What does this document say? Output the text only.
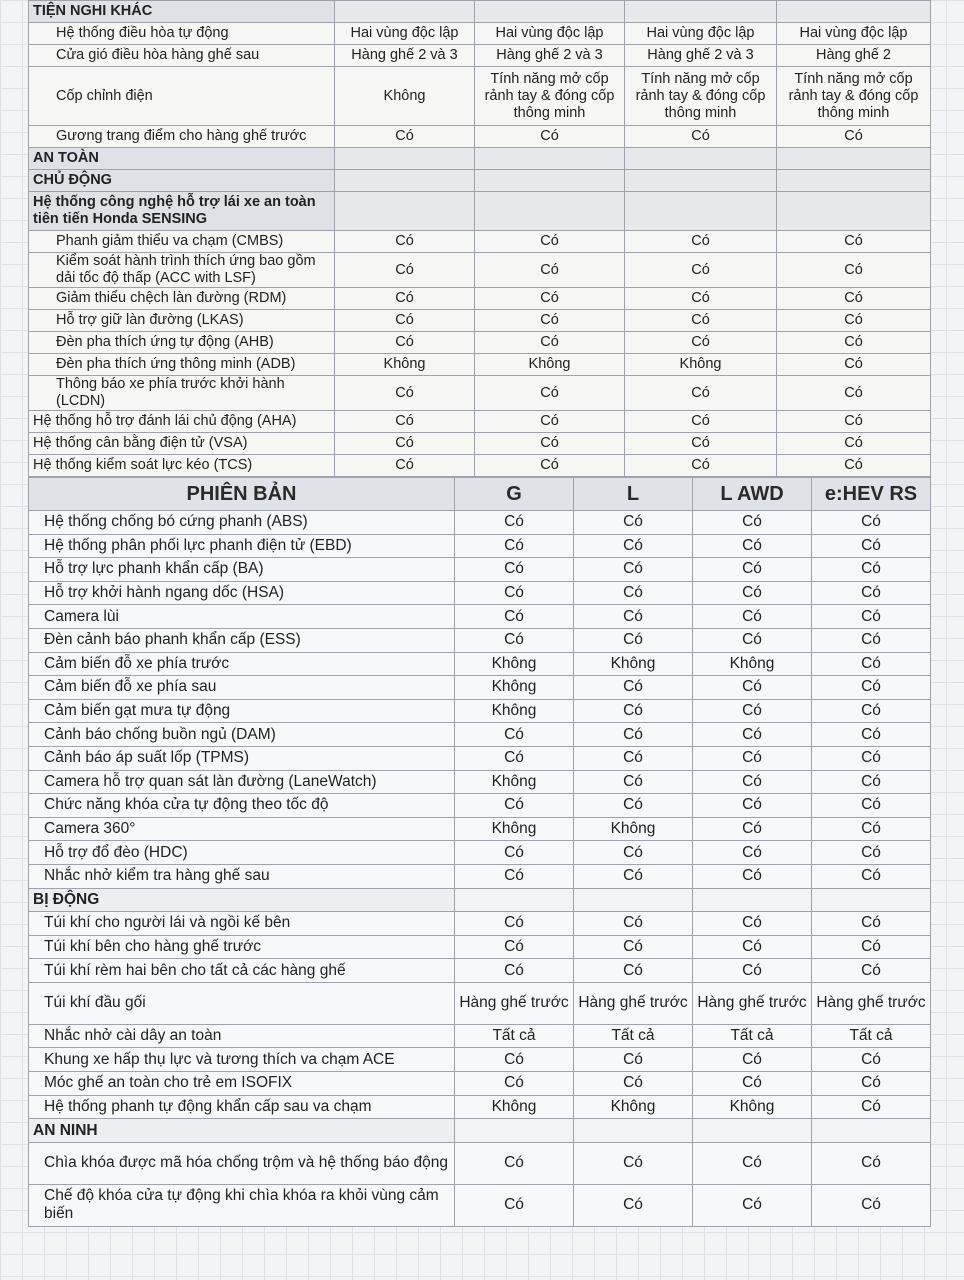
TIỆN NGHI KHÁC				
Hệ thống điều hòa tự động	Hai vùng độc lập	Hai vùng độc lập	Hai vùng độc lập	Hai vùng độc lập
Cửa gió điều hòa hàng ghế sau	Hàng ghế 2 và 3	Hàng ghế 2 và 3	Hàng ghế 2 và 3	Hàng ghế 2
Cốp chỉnh điện	Không	Tính năng mở cốp rảnh tay & đóng cốp thông minh	Tính năng mở cốp rảnh tay & đóng cốp thông minh	Tính năng mở cốp rảnh tay & đóng cốp thông minh
Gương trang điểm cho hàng ghế trước	Có	Có	Có	Có
AN TOÀN				
CHỦ ĐỘNG				
Hệ thống công nghệ hỗ trợ lái xe an toàn tiên tiến Honda SENSING				
Phanh giảm thiểu va chạm (CMBS)	Có	Có	Có	Có
Kiểm soát hành trình thích ứng bao gồm dải tốc độ thấp (ACC with LSF)	Có	Có	Có	Có
Giảm thiểu chệch làn đường (RDM)	Có	Có	Có	Có
Hỗ trợ giữ làn đường (LKAS)	Có	Có	Có	Có
Đèn pha thích ứng tự động (AHB)	Có	Có	Có	Có
Đèn pha thích ứng thông minh (ADB)	Không	Không	Không	Có
Thông báo xe phía trước khởi hành (LCDN)	Có	Có	Có	Có
Hệ thống hỗ trợ đánh lái chủ động (AHA)	Có	Có	Có	Có
Hệ thống cân bằng điện tử (VSA)	Có	Có	Có	Có
Hệ thống kiểm soát lực kéo (TCS)	Có	Có	Có	Có
PHIÊN BẢN	G	L	L AWD	e:HEV RS
Hệ thống chống bó cứng phanh (ABS)	Có	Có	Có	Có
Hệ thống phân phối lực phanh điện tử (EBD)	Có	Có	Có	Có
Hỗ trợ lực phanh khẩn cấp (BA)	Có	Có	Có	Có
Hỗ trợ khởi hành ngang dốc (HSA)	Có	Có	Có	Có
Camera lùi	Có	Có	Có	Có
Đèn cảnh báo phanh khẩn cấp (ESS)	Có	Có	Có	Có
Cảm biến đỗ xe phía trước	Không	Không	Không	Có
Cảm biến đỗ xe phía sau	Không	Có	Có	Có
Cảm biến gạt mưa tự động	Không	Có	Có	Có
Cảnh báo chống buồn ngủ (DAM)	Có	Có	Có	Có
Cảnh báo áp suất lốp (TPMS)	Có	Có	Có	Có
Camera hỗ trợ quan sát làn đường (LaneWatch)	Không	Có	Có	Có
Chức năng khóa cửa tự động theo tốc độ	Có	Có	Có	Có
Camera 360°	Không	Không	Có	Có
Hỗ trợ đổ đèo (HDC)	Có	Có	Có	Có
Nhắc nhở kiểm tra hàng ghế sau	Có	Có	Có	Có
BỊ ĐỘNG				
Túi khí cho người lái và ngồi kế bên	Có	Có	Có	Có
Túi khí bên cho hàng ghế trước	Có	Có	Có	Có
Túi khí rèm hai bên cho tất cả các hàng ghế	Có	Có	Có	Có
Túi khí đầu gối	Hàng ghế trước	Hàng ghế trước	Hàng ghế trước	Hàng ghế trước
Nhắc nhở cài dây an toàn	Tất cả	Tất cả	Tất cả	Tất cả
Khung xe hấp thụ lực và tương thích va chạm ACE	Có	Có	Có	Có
Móc ghế an toàn cho trẻ em ISOFIX	Có	Có	Có	Có
Hệ thống phanh tự động khẩn cấp sau va chạm	Không	Không	Không	Có
AN NINH				
Chìa khóa được mã hóa chống trộm và hệ thống báo động	Có	Có	Có	Có
Chế độ khóa cửa tự động khi chìa khóa ra khỏi vùng cảm biến	Có	Có	Có	Có
